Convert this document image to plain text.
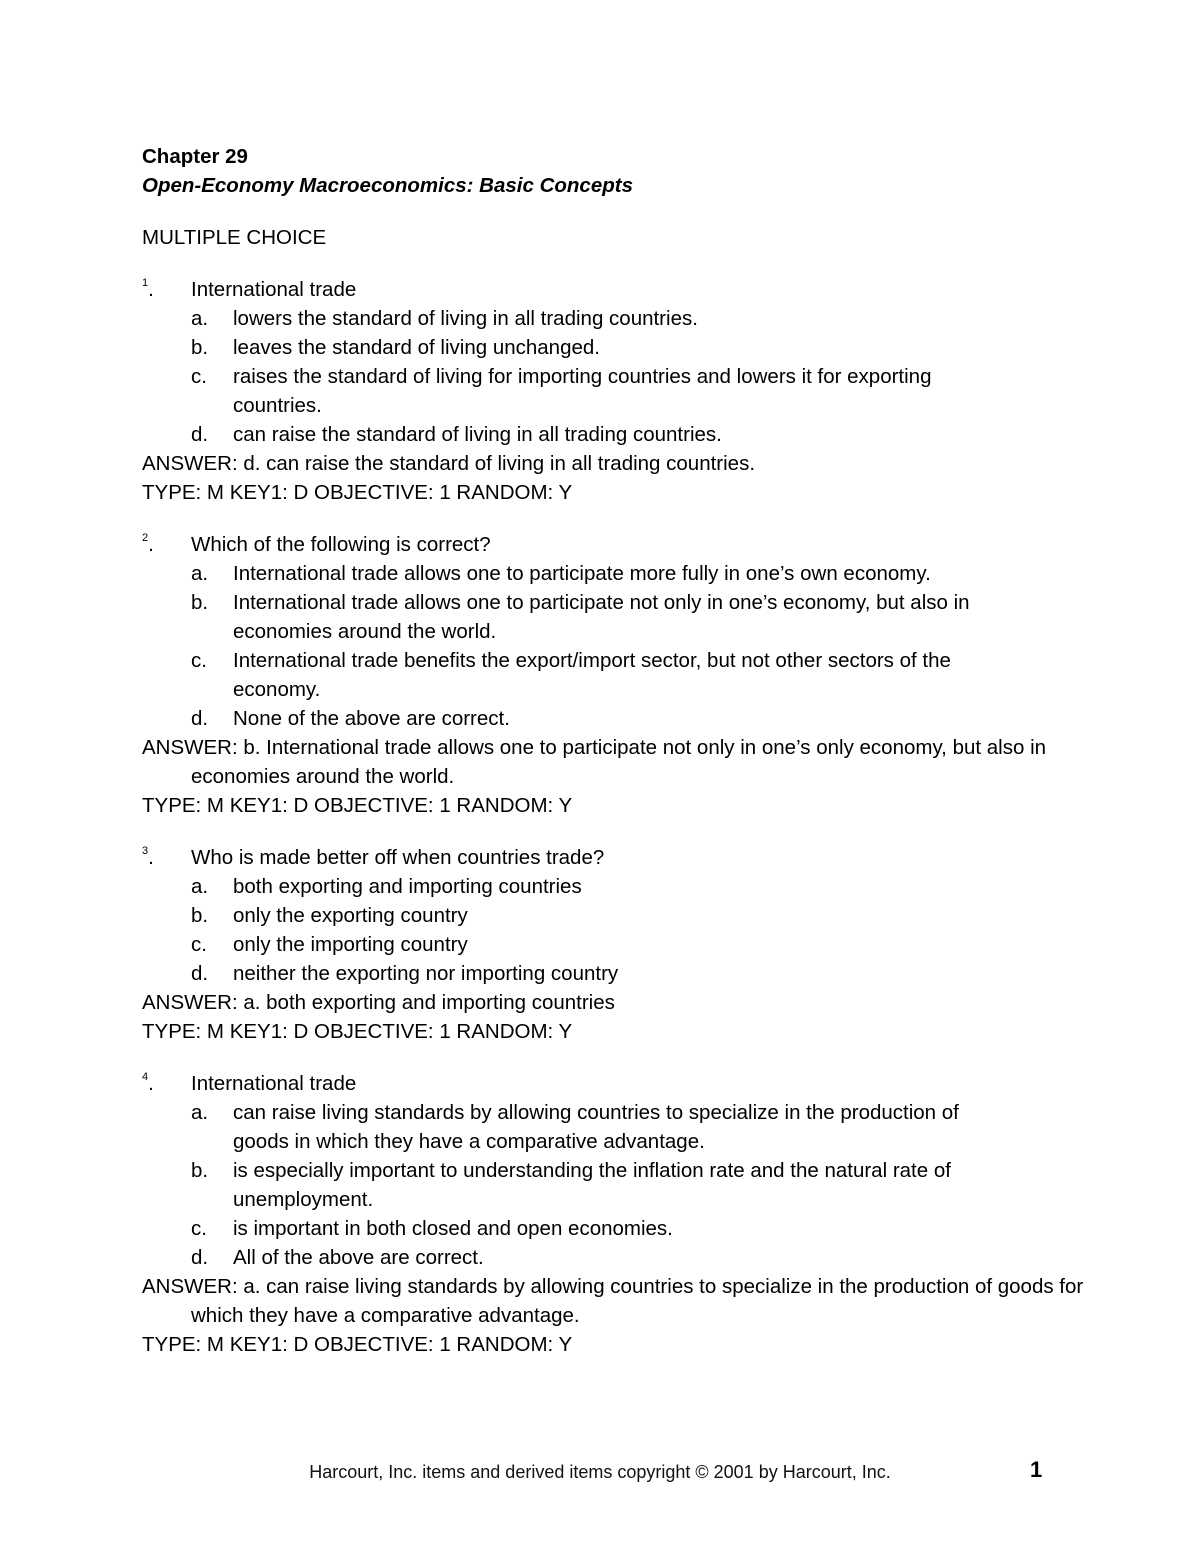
Chapter 29
Open-Economy Macroeconomics: Basic Concepts
MULTIPLE CHOICE
$^1$.	International trade
a.	lowers the standard of living in all trading countries.
b.	leaves the standard of living unchanged.
c.	raises the standard of living for importing countries and lowers it for exporting countries.
d.	can raise the standard of living in all trading countries.
ANSWER: d. can raise the standard of living in all trading countries.
TYPE: M KEY1: D OBJECTIVE: 1 RANDOM: Y
$^2$.	Which of the following is correct?
a.	International trade allows one to participate more fully in one’s own economy.
b.	International trade allows one to participate not only in one’s economy, but also in economies around the world.
c.	International trade benefits the export/import sector, but not other sectors of the economy.
d.	None of the above are correct.
ANSWER: b. International trade allows one to participate not only in one’s only economy, but also in economies around the world.
TYPE: M KEY1: D OBJECTIVE: 1 RANDOM: Y
$^3$.	Who is made better off when countries trade?
a.	both exporting and importing countries
b.	only the exporting country
c.	only the importing country
d.	neither the exporting nor importing country
ANSWER: a. both exporting and importing countries
TYPE: M KEY1: D OBJECTIVE: 1 RANDOM: Y
$^4$.	International trade
a.	can raise living standards by allowing countries to specialize in the production of goods in which they have a comparative advantage.
b.	is especially important to understanding the inflation rate and the natural rate of unemployment.
c.	is important in both closed and open economies.
d.	All of the above are correct.
ANSWER: a. can raise living standards by allowing countries to specialize in the production of goods for which they have a comparative advantage.
TYPE: M KEY1: D OBJECTIVE: 1 RANDOM: Y
Harcourt, Inc. items and derived items copyright © 2001 by Harcourt, Inc.	1
